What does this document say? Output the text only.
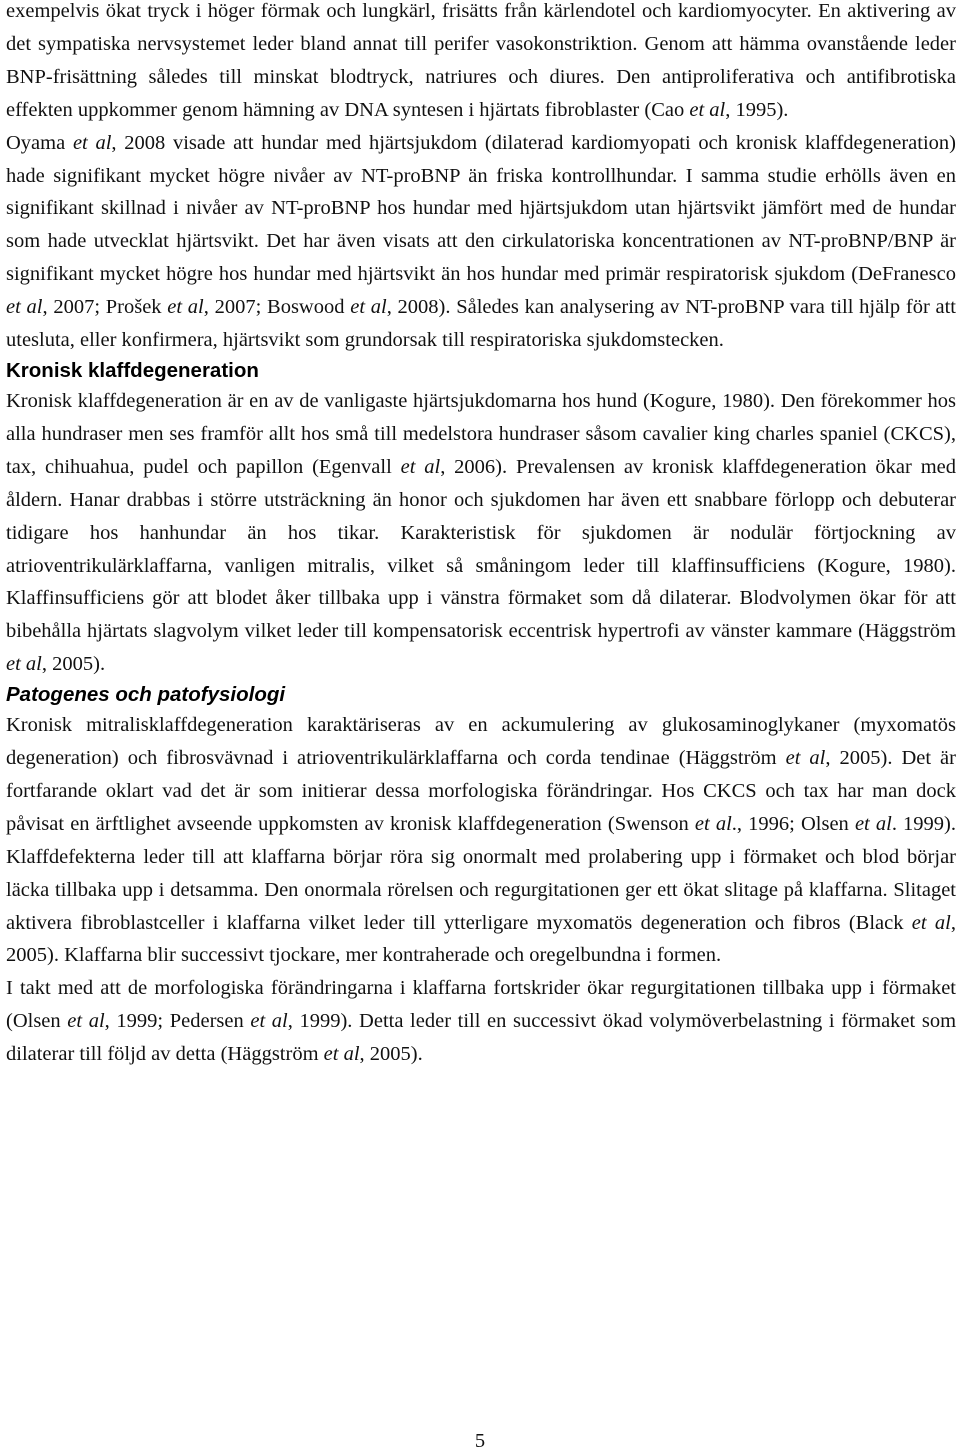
exempelvis ökat tryck i höger förmak och lungkärl, frisätts från kärlendotel och kardiomyocyter. En aktivering av det sympatiska nervsystemet leder bland annat till perifer vasokonstriktion. Genom att hämma ovanstående leder BNP-frisättning således till minskat blodtryck, natriures och diures. Den antiproliferativa och antifibrotiska effekten uppkommer genom hämning av DNA syntesen i hjärtats fibroblaster (Cao et al, 1995).

Oyama et al, 2008 visade att hundar med hjärtsjukdom (dilaterad kardiomyopati och kronisk klaffdegeneration) hade signifikant mycket högre nivåer av NT-proBNP än friska kontrollhundar. I samma studie erhölls även en signifikant skillnad i nivåer av NT-proBNP hos hundar med hjärtsjukdom utan hjärtsvikt jämfört med de hundar som hade utvecklat hjärtsvikt. Det har även visats att den cirkulatoriska koncentrationen av NT-proBNP/BNP är signifikant mycket högre hos hundar med hjärtsvikt än hos hundar med primär respiratorisk sjukdom (DeFranesco et al, 2007; Prošek et al, 2007; Boswood et al, 2008). Således kan analysering av NT-proBNP vara till hjälp för att utesluta, eller konfirmera, hjärtsvikt som grundorsak till respiratoriska sjukdomstecken.

Kronisk klaffdegeneration

Kronisk klaffdegeneration är en av de vanligaste hjärtsjukdomarna hos hund (Kogure, 1980). Den förekommer hos alla hundraser men ses framför allt hos små till medelstora hundraser såsom cavalier king charles spaniel (CKCS), tax, chihuahua, pudel och papillon (Egenvall et al, 2006). Prevalensen av kronisk klaffdegeneration ökar med åldern. Hanar drabbas i större utsträckning än honor och sjukdomen har även ett snabbare förlopp och debuterar tidigare hos hanhundar än hos tikar. Karakteristisk för sjukdomen är nodulär förtjockning av atrioventrikulärklaffarna, vanligen mitralis, vilket så småningom leder till klaffinsufficiens (Kogure, 1980). Klaffinsufficiens gör att blodet åker tillbaka upp i vänstra förmaket som då dilaterar. Blodvolymen ökar för att bibehålla hjärtats slagvolym vilket leder till kompensatorisk eccentrisk hypertrofi av vänster kammare (Häggström et al, 2005).

Patogenes och patofysiologi

Kronisk mitralisklaffdegeneration karaktäriseras av en ackumulering av glukosaminoglykaner (myxomatös degeneration) och fibrosvävnad i atrioventrikulärklaffarna och corda tendinae (Häggström et al, 2005). Det är fortfarande oklart vad det är som initierar dessa morfologiska förändringar. Hos CKCS och tax har man dock påvisat en ärftlighet avseende uppkomsten av kronisk klaffdegeneration (Swenson et al., 1996; Olsen et al. 1999). Klaffdefekterna leder till att klaffarna börjar röra sig onormalt med prolabering upp i förmaket och blod börjar läcka tillbaka upp i detsamma. Den onormala rörelsen och regurgitationen ger ett ökat slitage på klaffarna. Slitaget aktivera fibroblastceller i klaffarna vilket leder till ytterligare myxomatös degeneration och fibros (Black et al, 2005). Klaffarna blir successivt tjockare, mer kontraherade och oregelbundna i formen.

I takt med att de morfologiska förändringarna i klaffarna fortskrider ökar regurgitationen tillbaka upp i förmaket (Olsen et al, 1999; Pedersen et al, 1999). Detta leder till en successivt ökad volymöverbelastning i förmaket som dilaterar till följd av detta (Häggström et al, 2005).

5
